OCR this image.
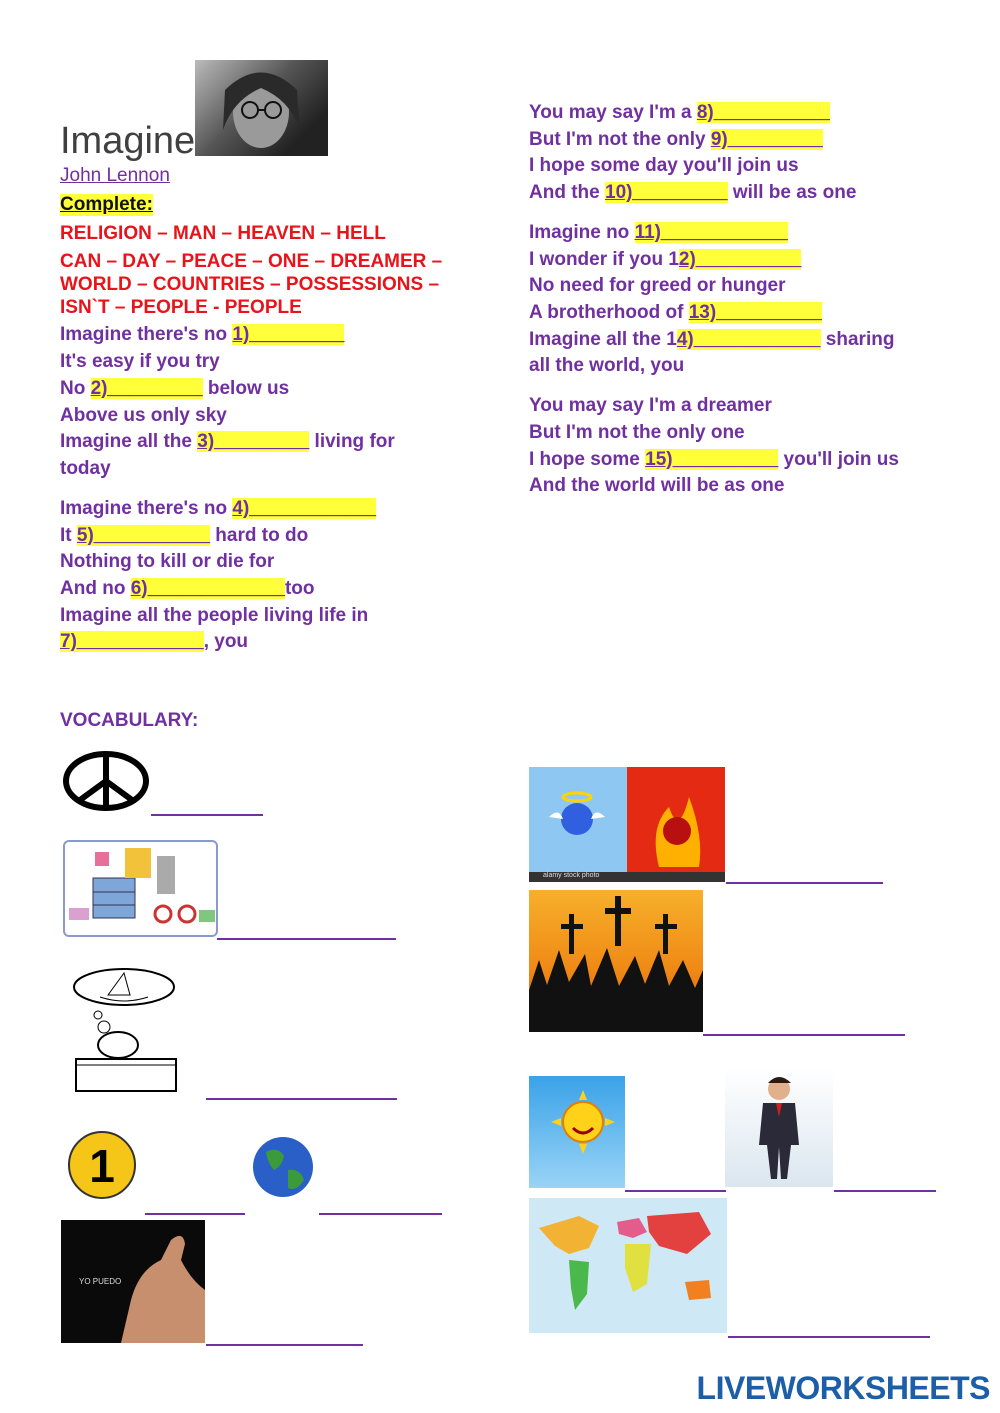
Imagine
John Lennon
Complete:
RELIGION – MAN – HEAVEN – HELL
CAN – DAY – PEACE – ONE – DREAMER –
WORLD – COUNTRIES – POSSESSIONS –
ISN`T – PEOPLE - PEOPLE
Imagine there's no 1)_________
It's easy if you try
No 2)_________ below us
Above us only sky
Imagine all the 3)_________ living for
today
Imagine there's no 4)____________
It 5)___________ hard to do
Nothing to kill or die for
And no 6)_____________too
Imagine all the people living life in
7)____________, you
You may say I'm a 8)___________
But I'm not the only 9)_________
I hope some day you'll join us
And the 10)_________ will be as one
Imagine no 11)____________
I wonder if you 12)__________
No need for greed or hunger
A brotherhood of 13)__________
Imagine all the 14)____________ sharing
all the world, you
You may say I'm a dreamer
But I'm not the only one
I hope some 15)__________ you'll join us
And the world will be as one
VOCABULARY:
1
YO PUEDO
alamy stock photo
LIVEWORKSHEETS
